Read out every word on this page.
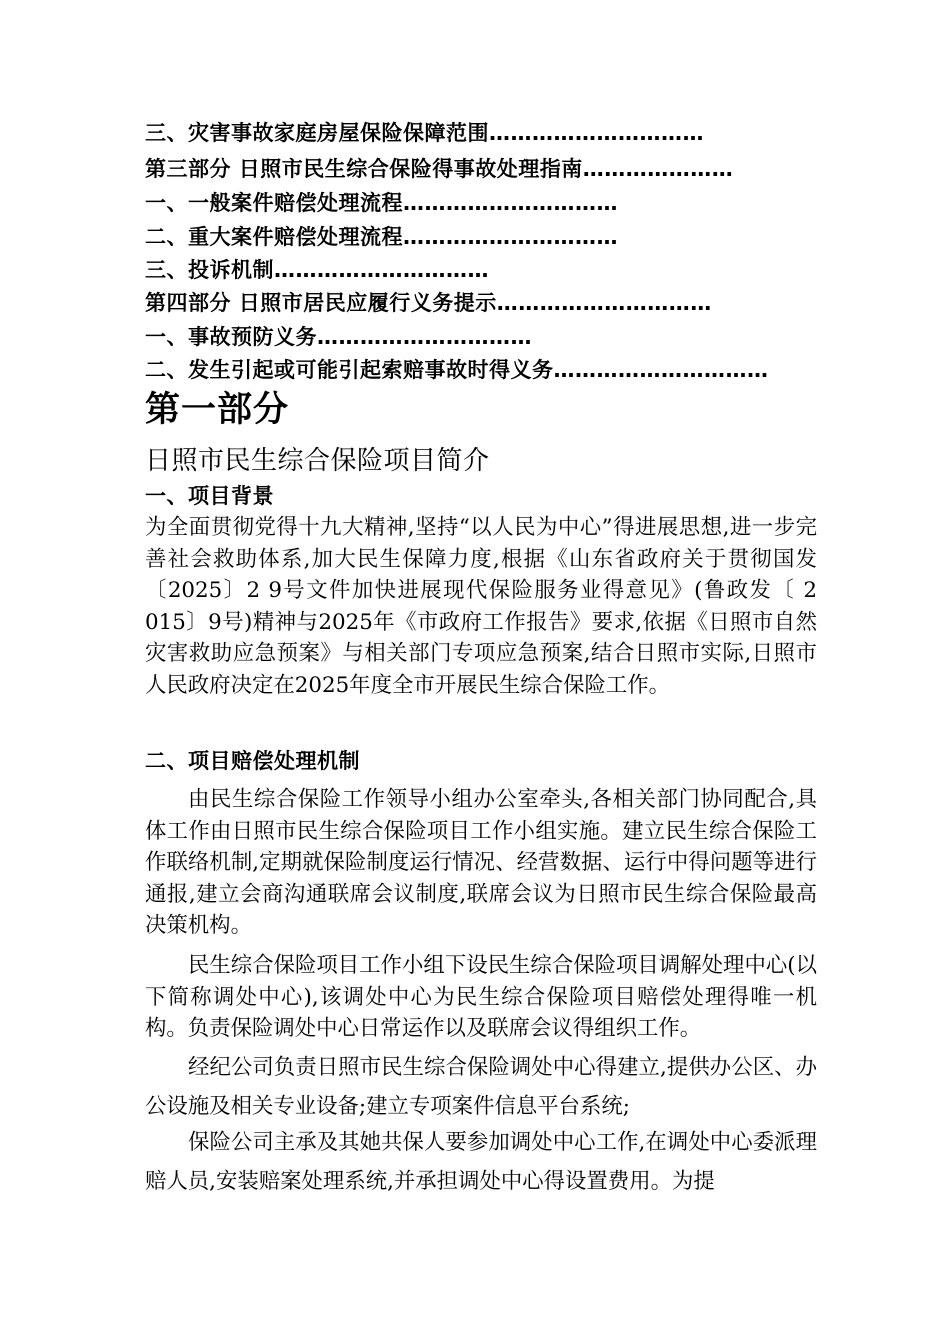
三、灾害事故家庭房屋保险保障范围…………………………
第三部分 日照市民生综合保险得事故处理指南…………………
一、一般案件赔偿处理流程…………………………
二、重大案件赔偿处理流程…………………………
三、投诉机制…………………………
第四部分 日照市居民应履行义务提示…………………………
一、事故预防义务…………………………
二、发生引起或可能引起索赔事故时得义务…………………………
第一部分
日照市民生综合保险项目简介
一、项目背景
为全面贯彻党得十九大精神,坚持“以人民为中心”得进展思想,进一步完善社会救助体系,加大民生保障力度,根据《山东省政府关于贯彻国发〔2025〕2 9号文件加快进展现代保险服务业得意见》(鲁政发〔 2 015〕9号)精神与2025年《市政府工作报告》要求,依据《日照市自然灾害救助应急预案》与相关部门专项应急预案,结合日照市实际,日照市人民政府决定在2025年度全市开展民生综合保险工作。
二、项目赔偿处理机制
由民生综合保险工作领导小组办公室牵头,各相关部门协同配合,具体工作由日照市民生综合保险项目工作小组实施。建立民生综合保险工作联络机制,定期就保险制度运行情况、经营数据、运行中得问题等进行通报,建立会商沟通联席会议制度,联席会议为日照市民生综合保险最高决策机构。
民生综合保险项目工作小组下设民生综合保险项目调解处理中心(以下简称调处中心),该调处中心为民生综合保险项目赔偿处理得唯一机构。负责保险调处中心日常运作以及联席会议得组织工作。
经纪公司负责日照市民生综合保险调处中心得建立,提供办公区、办公设施及相关专业设备;建立专项案件信息平台系统;
保险公司主承及其她共保人要参加调处中心工作,在调处中心委派理赔人员,安装赔案处理系统,并承担调处中心得设置费用。为提
